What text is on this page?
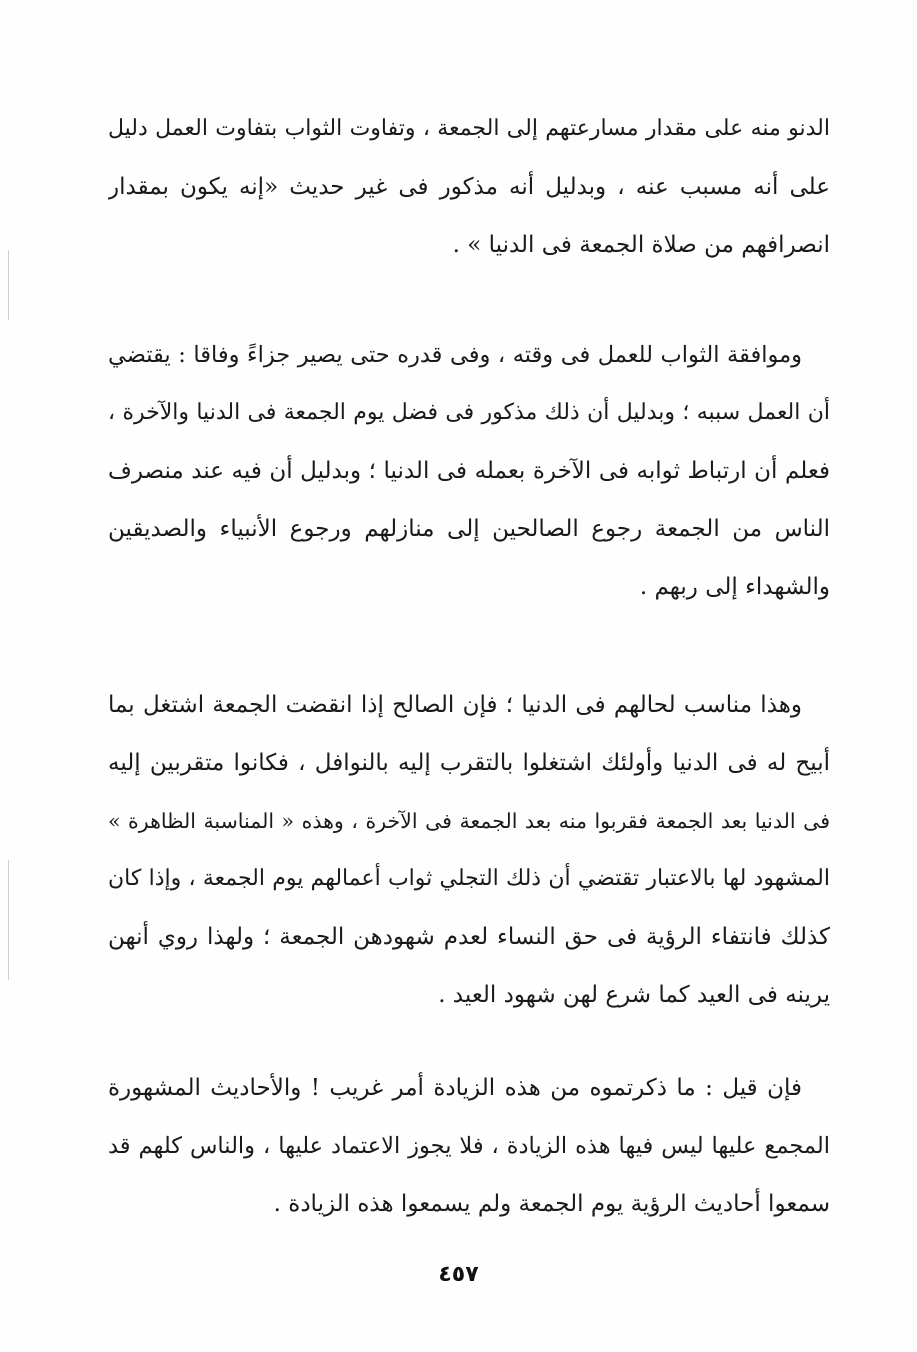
الدنو منه على مقدار مسارعتهم إلى الجمعة ، وتفاوت الثواب بتفاوت العمل دليل
على أنه مسبب عنه ، وبدليل أنه مذكور فى غير حديث «إنه يكون بمقدار
انصرافهم من صلاة الجمعة فى الدنيا » .
وموافقة الثواب للعمل فى وقته ، وفى قدره حتى يصير جزاءً وفاقا : يقتضي
أن العمل سببه ؛ وبدليل أن ذلك مذكور فى فضل يوم الجمعة فى الدنيا والآخرة ،
فعلم أن ارتباط ثوابه فى الآخرة بعمله فى الدنيا ؛ وبدليل أن فيه عند منصرف
الناس من الجمعة رجوع الصالحين إلى منازلهم ورجوع الأنبياء والصديقين
والشهداء إلى ربهم .
وهذا مناسب لحالهم فى الدنيا ؛ فإن الصالح إذا انقضت الجمعة اشتغل بما
أبيح له فى الدنيا وأولئك اشتغلوا بالتقرب إليه بالنوافل ، فكانوا متقربين إليه
فى الدنيا بعد الجمعة فقربوا منه بعد الجمعة فى الآخرة ، وهذه « المناسبة الظاهرة »
المشهود لها بالاعتبار تقتضي أن ذلك التجلي ثواب أعمالهم يوم الجمعة ، وإذا كان
كذلك فانتفاء الرؤية فى حق النساء لعدم شهودهن الجمعة ؛ ولهذا روي أنهن
يرينه فى العيد كما شرع لهن شهود العيد .
فإن قيل : ما ذكرتموه من هذه الزيادة أمر غريب ! والأحاديث المشهورة
المجمع عليها ليس فيها هذه الزيادة ، فلا يجوز الاعتماد عليها ، والناس كلهم قد
سمعوا أحاديث الرؤية يوم الجمعة ولم يسمعوا هذه الزيادة .
٤٥٧
